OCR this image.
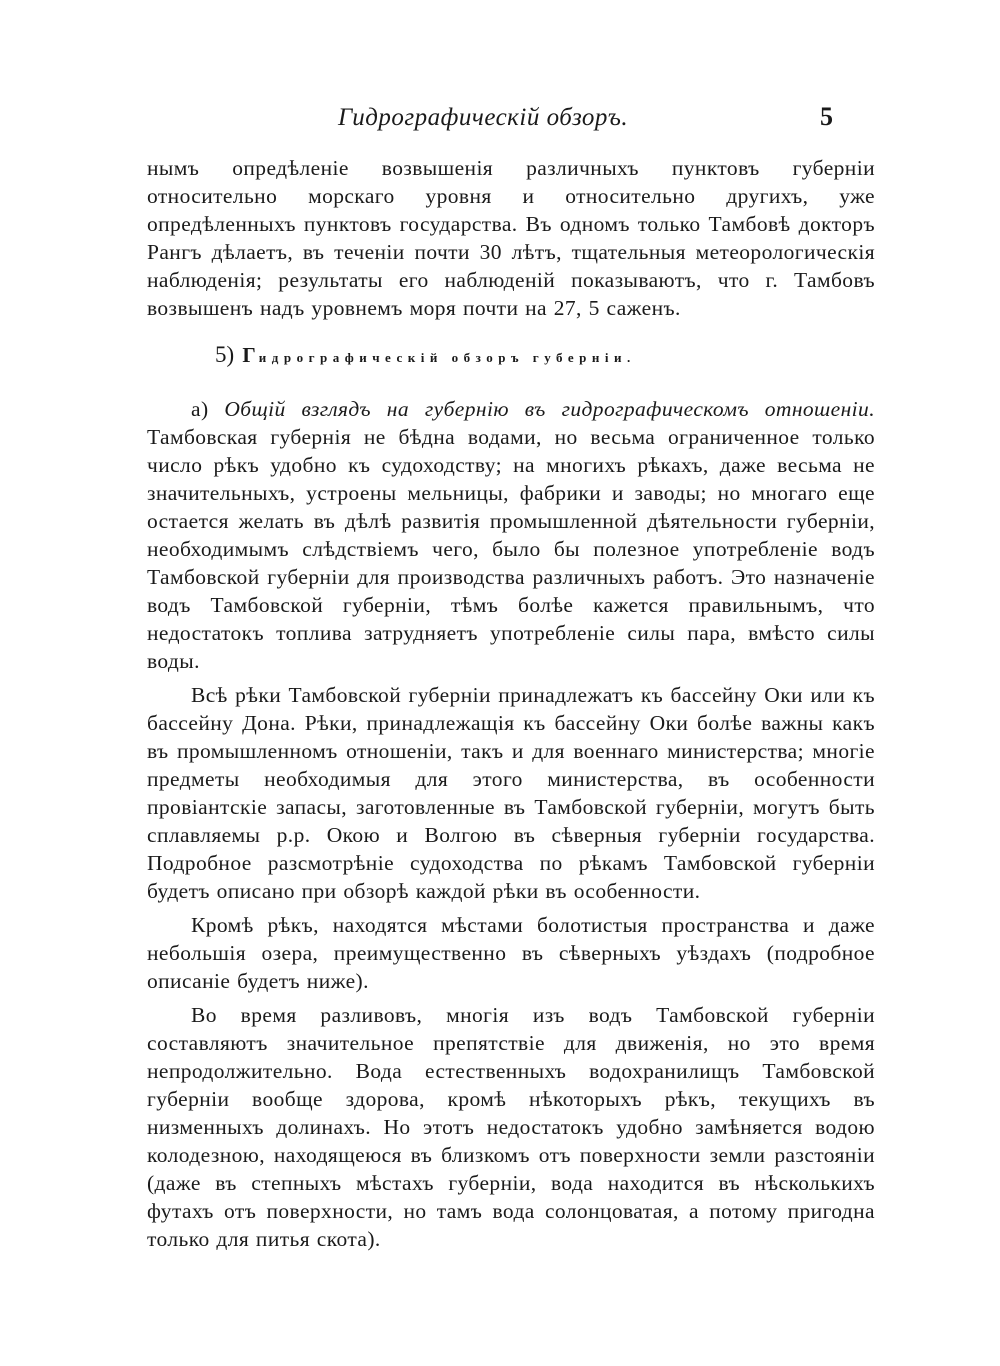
Гидрографическій обзоръ.	5

нымъ опредѣленіе возвышенія различныхъ пунктовъ губерніи относительно морскаго уровня и относительно другихъ, уже опредѣленныхъ пунктовъ государства. Въ одномъ только Тамбовѣ докторъ Рангъ дѣлаетъ, въ теченіи почти 30 лѣтъ, тщательныя метеорологическія наблюденія; результаты его наблюденій показываютъ, что г. Тамбовъ возвышенъ надъ уровнемъ моря почти на 27, 5 саженъ.

5) Гидрографическій обзоръ губерніи.

а) Общій взглядъ на губернію въ гидрографическомъ отношеніи. Тамбовская губернія не бѣдна водами, но весьма ограниченное только число рѣкъ удобно къ судоходству; на многихъ рѣкахъ, даже весьма не значительныхъ, устроены мельницы, фабрики и заводы; но многаго еще остается желать въ дѣлѣ развитія промышленной дѣятельности губерніи, необходимымъ слѣдствіемъ чего, было бы полезное употребленіе водъ Тамбовской губерніи для производства различныхъ работъ. Это назначеніе водъ Тамбовской губерніи, тѣмъ болѣе кажется правильнымъ, что недостатокъ топлива затрудняетъ употребленіе силы пара, вмѣсто силы воды.

Всѣ рѣки Тамбовской губерніи принадлежатъ къ бассейну Оки или къ бассейну Дона. Рѣки, принадлежащія къ бассейну Оки болѣе важны какъ въ промышленномъ отношеніи, такъ и для военнаго министерства; многіе предметы необходимыя для этого министерства, въ особенности провіантскіе запасы, заготовленные въ Тамбовской губерніи, могутъ быть сплавляемы р.р. Окою и Волгою въ сѣверныя губерніи государства. Подробное разсмотрѣніе судоходства по рѣкамъ Тамбовской губерніи будетъ описано при обзорѣ каждой рѣки въ особенности.

Кромѣ рѣкъ, находятся мѣстами болотистыя пространства и даже небольшія озера, преимущественно въ сѣверныхъ уѣздахъ (подробное описаніе будетъ ниже).

Во время разливовъ, многія изъ водъ Тамбовской губерніи составляютъ значительное препятствіе для движенія, но это время непродолжительно. Вода естественныхъ водохранилищъ Тамбовской губерніи вообще здорова, кромѣ нѣкоторыхъ рѣкъ, текущихъ въ низменныхъ долинахъ. Но этотъ недостатокъ удобно замѣняется водою колодезною, находящеюся въ близкомъ отъ поверхности земли разстояніи (даже въ степныхъ мѣстахъ губерніи, вода находится въ нѣсколькихъ футахъ отъ поверхности, но тамъ вода солонцоватая, а потому пригодна только для питья скота).
